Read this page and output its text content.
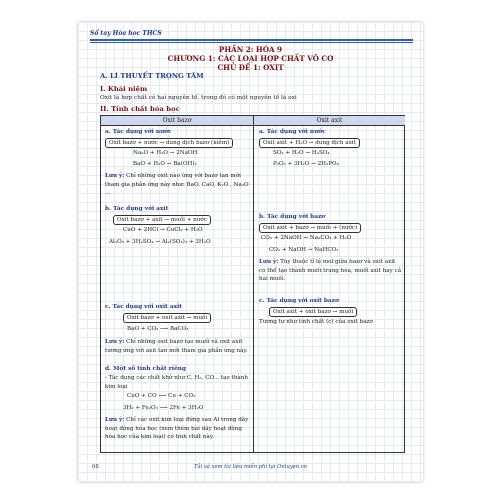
Sổ tay Hóa học THCS
PHẦN 2: HÓA 9
CHƯƠNG 1: CÁC LOẠI HỢP CHẤT VÔ CƠ
CHỦ ĐỀ 1: OXIT
A. LÍ THUYẾT TRỌNG TÂM
I. Khái niệm
Oxit là hợp chất có hai nguyên tố, trong đó có một nguyên tố là oxi
II. Tính chất hóa học
Oxit bazơ	Oxit axit
a. Tác dụng với nước
Oxit bazơ + nước → dung dịch bazơ (kiềm)
Na₂O + H₂O → 2NaOH
BaO + H₂O → Ba(OH)₂
Lưu ý: Chỉ những oxit nào ứng với bazơ tan mới tham gia phản ứng này như: BaO, CaO, K₂O , Na₂O …
b. Tác dụng với axit
Oxit bazơ + axit → muối + nước
CuO + 2HCl → CuCl₂ + H₂O
Al₂O₃ + 3H₂SO₄ → Al₂(SO₄)₃ + 3H₂O
c. Tác dụng với oxit axit
Oxit bazơ + oxit axit → muối
BaO + CO₂ ⟶ BaCO₃
Lưu ý: Chỉ những oxit bazơ tạo muối và oxit axit tương ứng với axit tan mới tham gia phản ứng này.
d. Một số tính chất riêng
- Tác dụng các chất khử như C, H₂, CO... tạo thành kim loại
CuO + CO ⟶ Cu + CO₂
3H₂ + Fe₂O₃ ⟶ 2Fe + 3H₂O
Lưu ý: Chỉ các oxit kim loại đứng sau Al trong dãy hoạt động hóa học (xem thêm bài dãy hoạt động hóa học của kim loại) có tính chất này.
a. Tác dụng với nước
Oxit axit + H₂O → dung dịch axit
SO₃ + H₂O → H₂SO₄
P₂O₅ + 3H₂O → 2H₃PO₄
b. Tác dụng với bazơ
Oxit axit + bazơ → muối + (nước)
CO₂ + 2NaOH → Na₂CO₃ + H₂O
CO₂ + NaOH → NaHCO₃
Lưu ý: Tùy thuộc tỉ lệ mol giữa bazơ và oxit axit có thể tạo thành muối trung hòa, muối axit hay cả hai muối.
c. Tác dụng với oxit bazơ
Oxit axit + oxit bazơ → muối
Tương tự như tính chất (c) của oxit bazơ
68	Tải và xem tài liệu miễn phí tại Onluyen.vn
